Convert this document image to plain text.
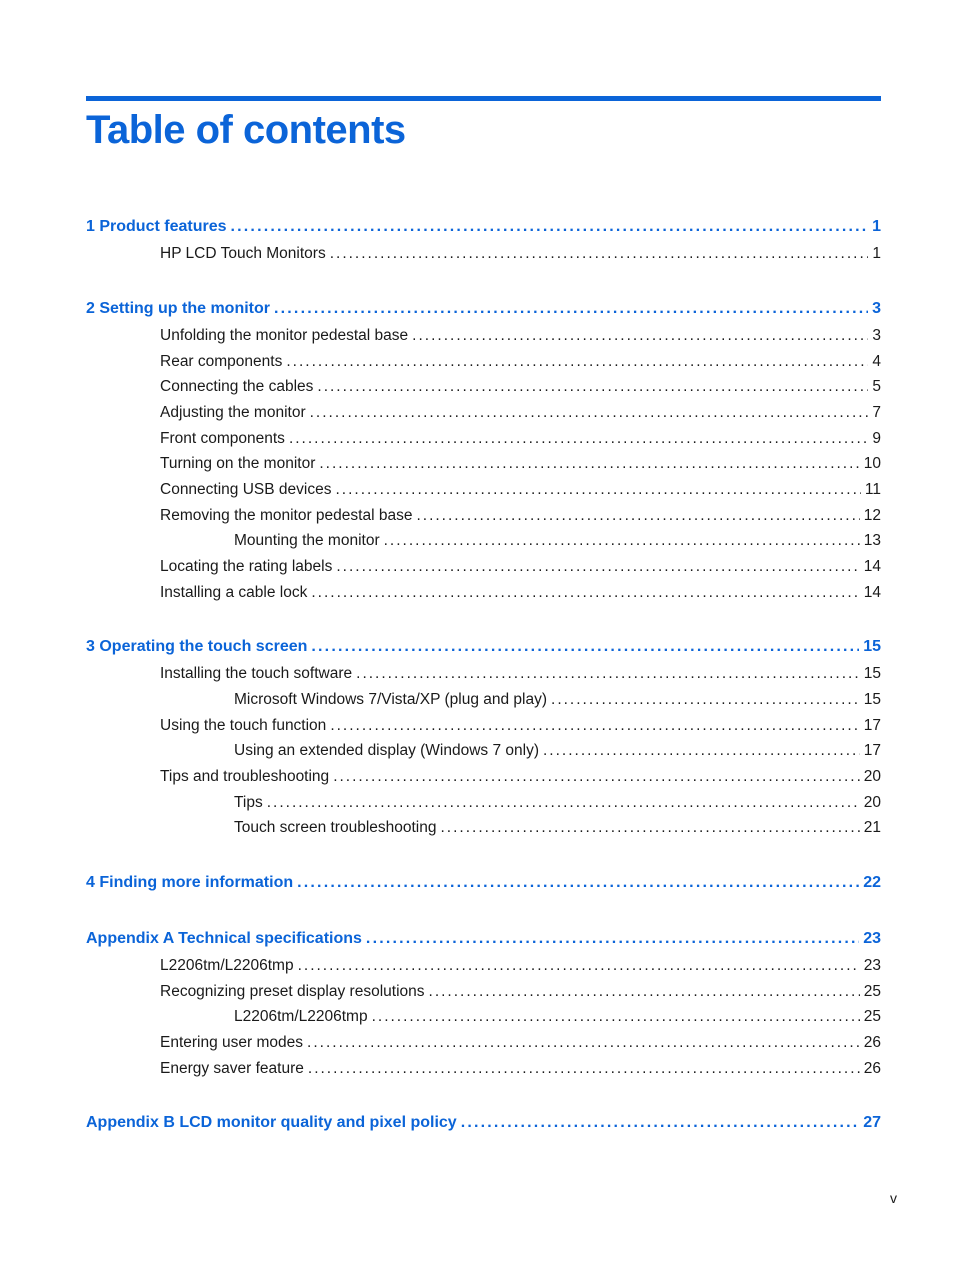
Table of contents
1 Product features .....	1
HP LCD Touch Monitors .....	1
2 Setting up the monitor .....	3
Unfolding the monitor pedestal base .....	3
Rear components .....	4
Connecting the cables .....	5
Adjusting the monitor .....	7
Front components .....	9
Turning on the monitor .....	10
Connecting USB devices .....	11
Removing the monitor pedestal base .....	12
Mounting the monitor .....	13
Locating the rating labels .....	14
Installing a cable lock .....	14
3 Operating the touch screen .....	15
Installing the touch software .....	15
Microsoft Windows 7/Vista/XP (plug and play) .....	15
Using the touch function .....	17
Using an extended display (Windows 7 only) .....	17
Tips and troubleshooting .....	20
Tips .....	20
Touch screen troubleshooting .....	21
4 Finding more information .....	22
Appendix A Technical specifications .....	23
L2206tm/L2206tmp .....	23
Recognizing preset display resolutions .....	25
L2206tm/L2206tmp .....	25
Entering user modes .....	26
Energy saver feature .....	26
Appendix B LCD monitor quality and pixel policy .....	27
v
